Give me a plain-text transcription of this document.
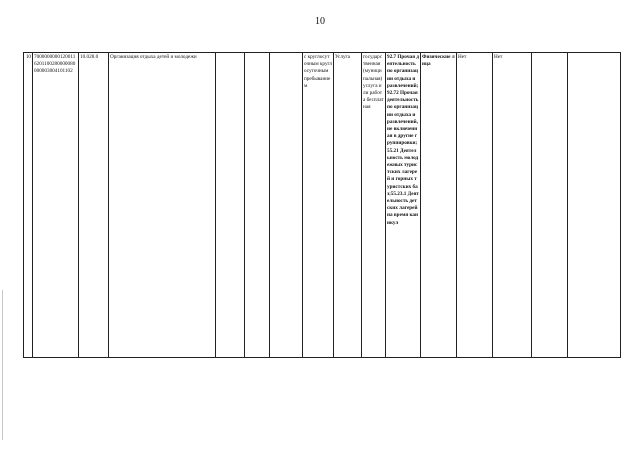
10
10	70000000001200116201100280000080000003004101102	10.028.0	Организация отдыха детей и молодежи				с круглосуточным круглосуточным пребыванием	Услуга	государственная (муниципальная) услуга или работа бесплатная	92.7 Прочая деятельность по организации отдыха и развлечений;92.72 Прочая деятельность по организации отдыха и развлечений, не включенная в другие группировки;55.21 Деятельность молодежных туристских лагерей и горных туристских баз;55.23.1 Деятельность детских лагерей на время каникул	Физические лица	Нет	Нет		
